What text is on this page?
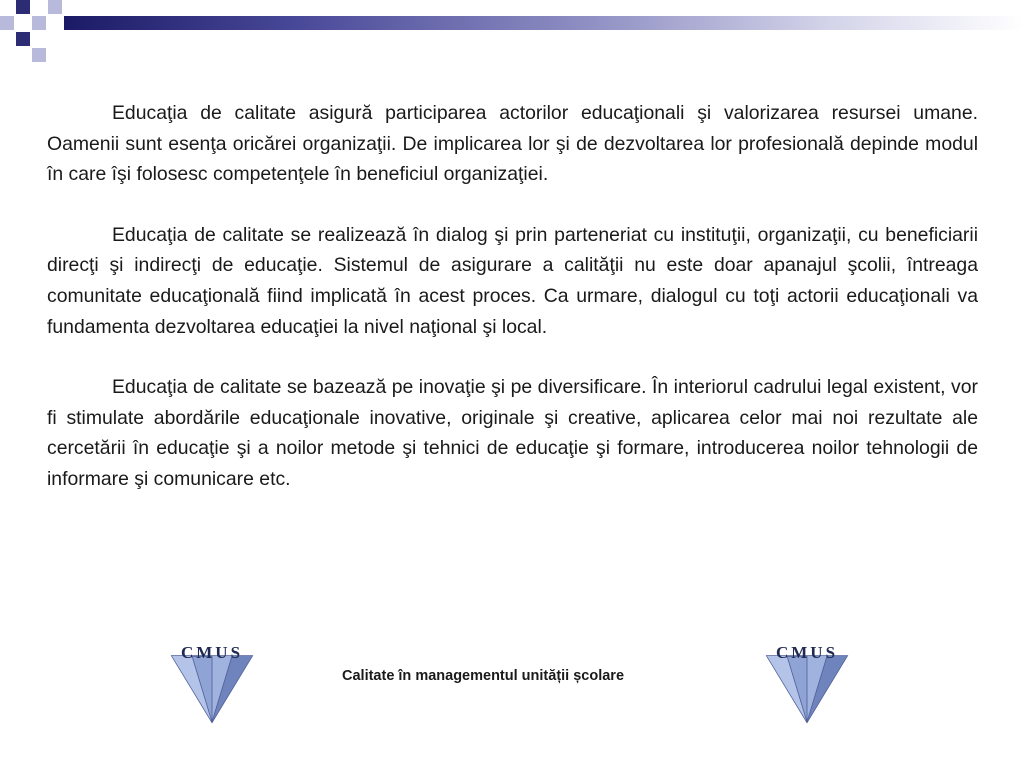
Educaţia de calitate asigură participarea actorilor educaţionali şi valorizarea resursei umane. Oamenii sunt esenţa oricărei organizaţii. De implicarea lor şi de dezvoltarea lor profesională depinde modul în care îşi folosesc competenţele în beneficiul organizaţiei.

Educaţia de calitate se realizează în dialog şi prin parteneriat cu instituţii, organizaţii, cu beneficiarii direcţi şi indirecţi de educaţie. Sistemul de asigurare a calităţii nu este doar apanajul şcolii, întreaga comunitate educaţională fiind implicată în acest proces. Ca urmare, dialogul cu toţi actorii educaţionali va fundamenta dezvoltarea educaţiei la nivel naţional şi local.

Educaţia de calitate se bazează pe inovaţie şi pe diversificare. În interiorul cadrului legal existent, vor fi stimulate abordările educaţionale inovative, originale şi creative, aplicarea celor mai noi rezultate ale cercetării în educaţie şi a noilor metode şi tehnici de educaţie şi formare, introducerea noilor tehnologii de informare şi comunicare etc.

CMUS
Calitate în managementul unității școlare
CMUS
